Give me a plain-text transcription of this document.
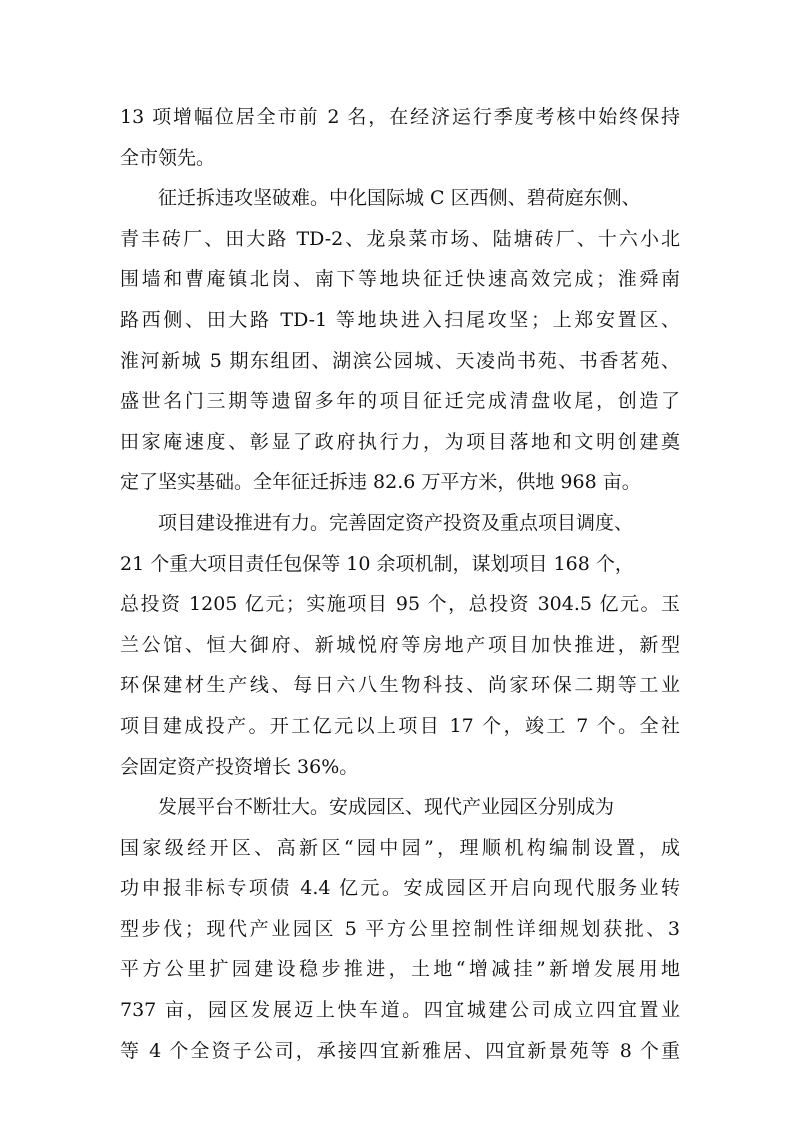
13 项增幅位居全市前 2 名，在经济运行季度考核中始终保持
全市领先。
征迁拆违攻坚破难。中化国际城 C 区西侧、碧荷庭东侧、
青丰砖厂、田大路 TD-2、龙泉菜市场、陆塘砖厂、十六小北
围墙和曹庵镇北岗、南下等地块征迁快速高效完成；淮舜南
路西侧、田大路 TD-1 等地块进入扫尾攻坚；上郑安置区、
淮河新城 5 期东组团、湖滨公园城、天凌尚书苑、书香茗苑、
盛世名门三期等遗留多年的项目征迁完成清盘收尾，创造了
田家庵速度、彰显了政府执行力，为项目落地和文明创建奠
定了坚实基础。全年征迁拆违 82.6 万平方米，供地 968 亩。
项目建设推进有力。完善固定资产投资及重点项目调度、
21 个重大项目责任包保等 10 余项机制，谋划项目 168 个，
总投资 1205 亿元；实施项目 95 个，总投资 304.5 亿元。玉
兰公馆、恒大御府、新城悦府等房地产项目加快推进，新型
环保建材生产线、每日六八生物科技、尚家环保二期等工业
项目建成投产。开工亿元以上项目 17 个，竣工 7 个。全社
会固定资产投资增长 36%。
发展平台不断壮大。安成园区、现代产业园区分别成为
国家级经开区、高新区“园中园”，理顺机构编制设置，成
功申报非标专项债 4.4 亿元。安成园区开启向现代服务业转
型步伐；现代产业园区 5 平方公里控制性详细规划获批、3
平方公里扩园建设稳步推进，土地“增减挂”新增发展用地
737 亩，园区发展迈上快车道。四宜城建公司成立四宜置业
等 4 个全资子公司，承接四宜新雅居、四宜新景苑等 8 个重
